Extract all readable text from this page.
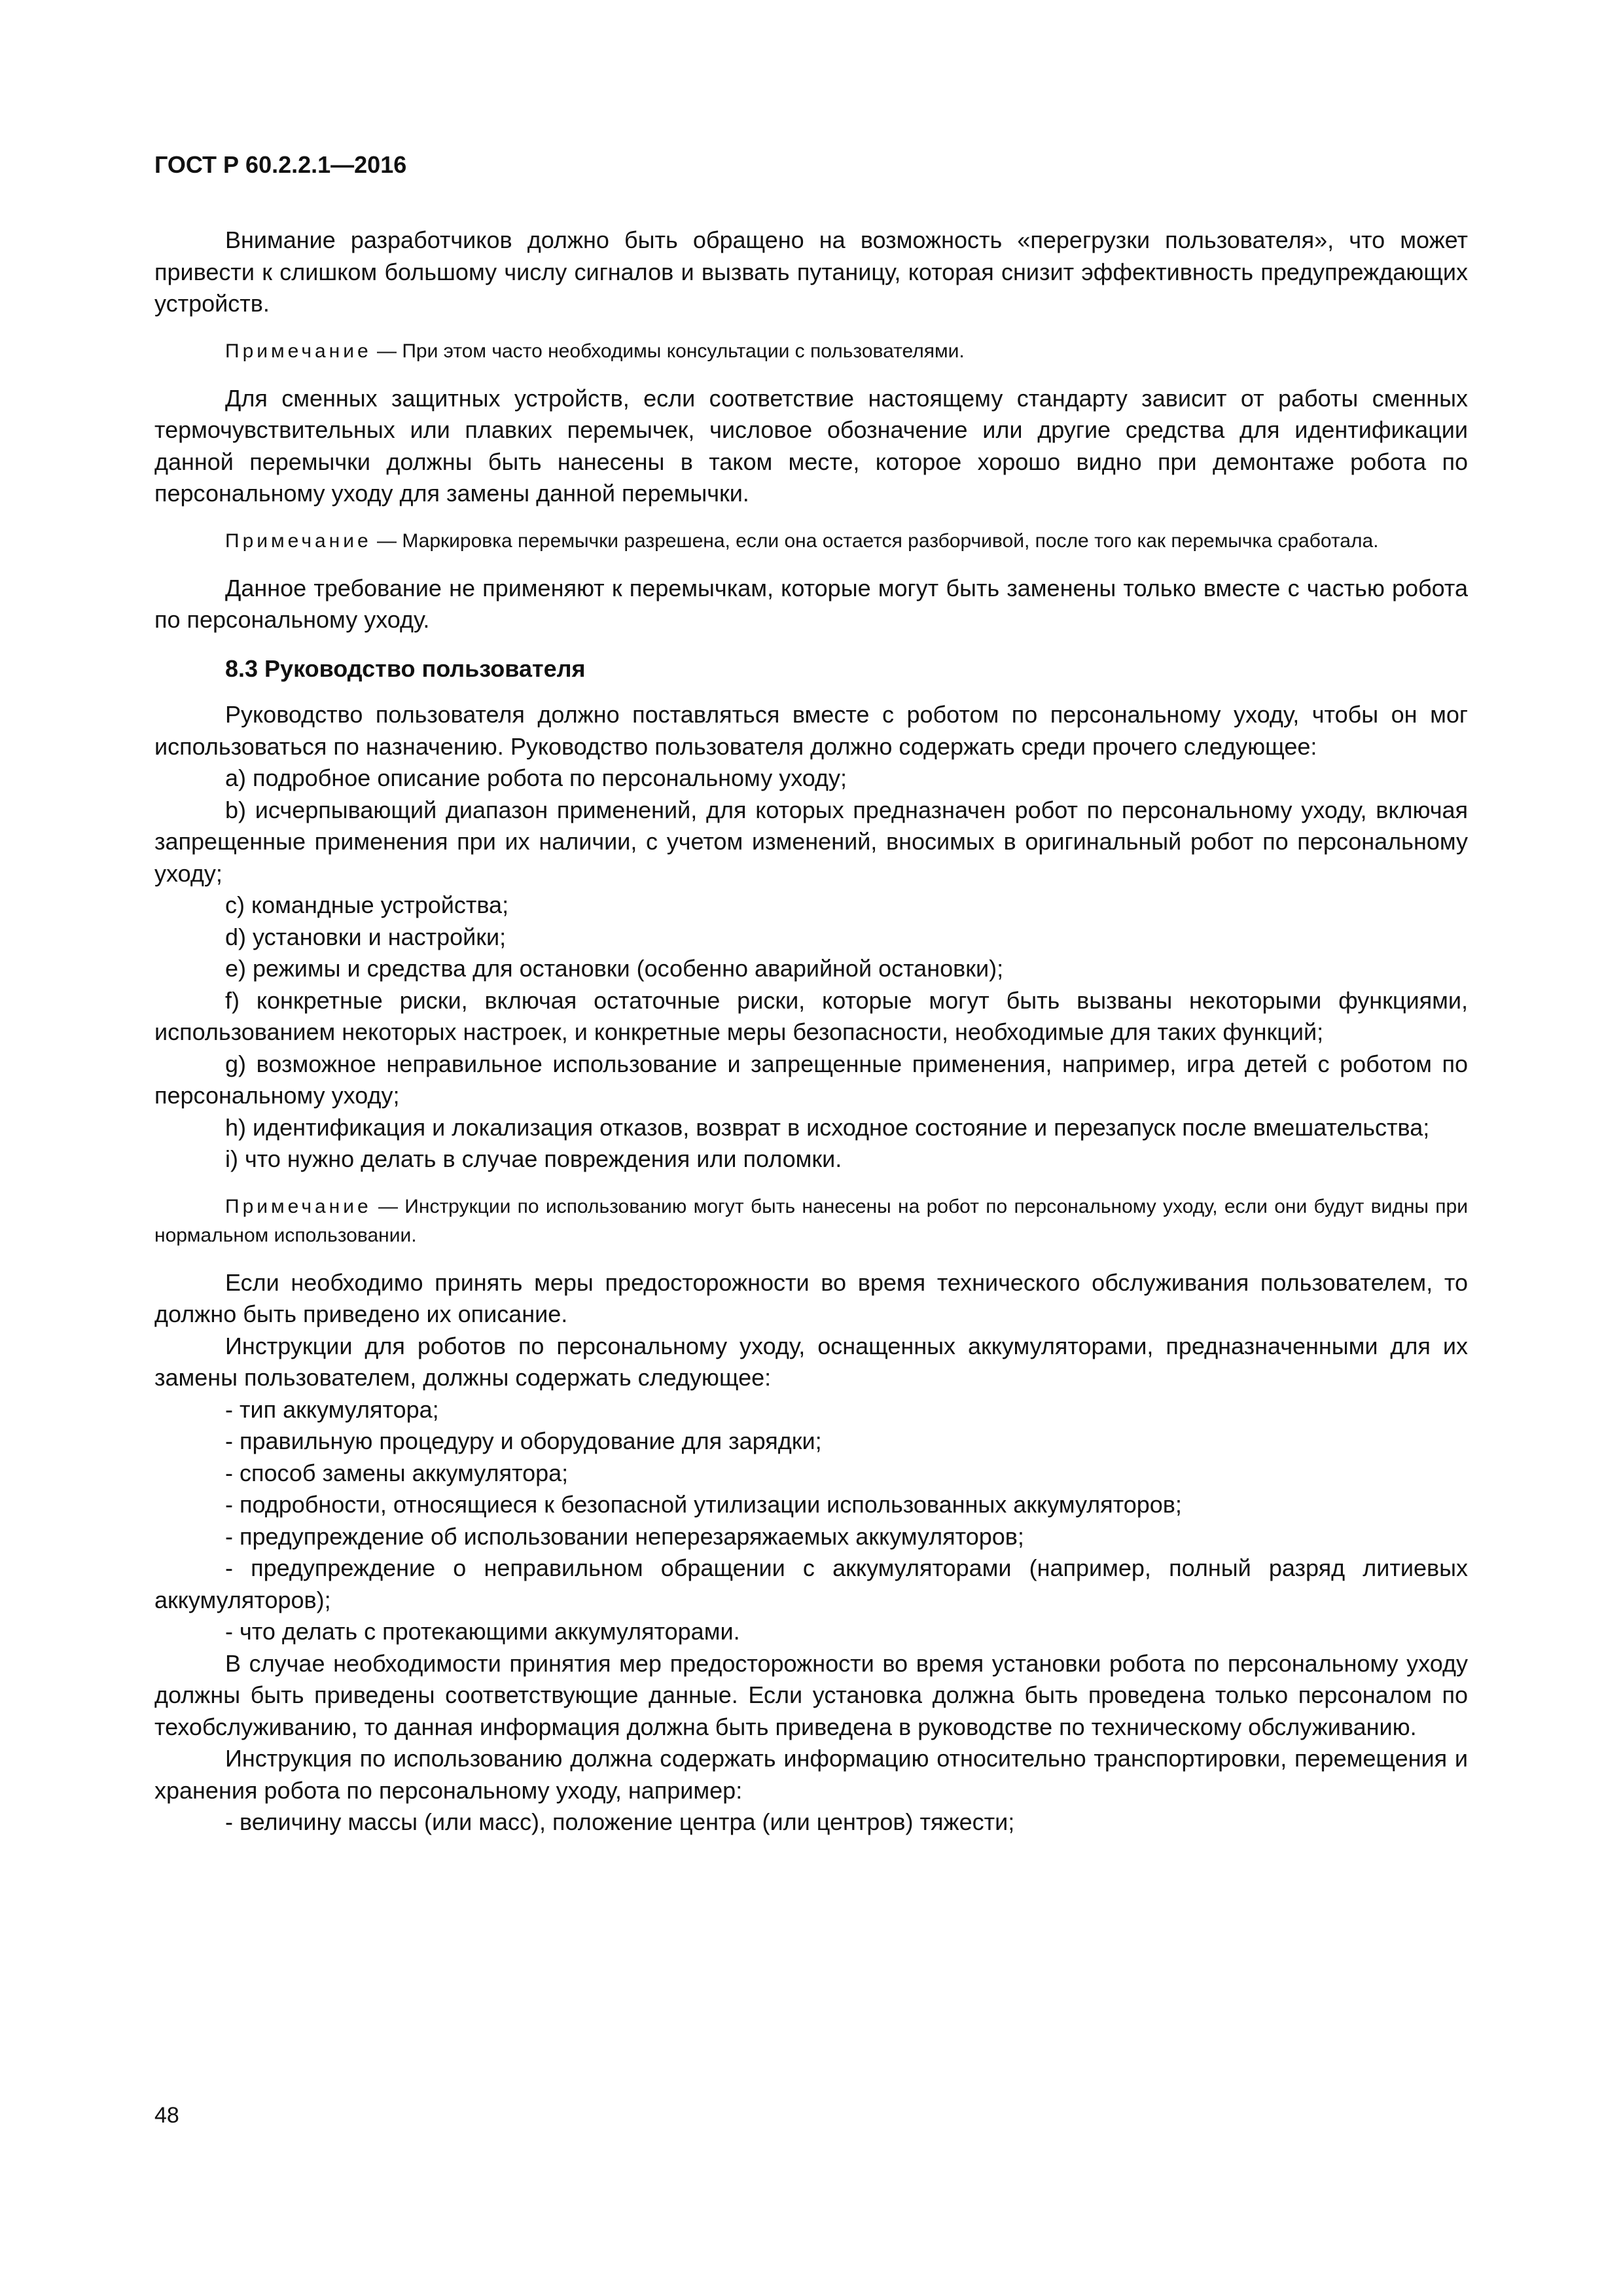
ГОСТ Р 60.2.2.1—2016

Внимание разработчиков должно быть обращено на возможность «перегрузки пользователя», что может привести к слишком большому числу сигналов и вызвать путаницу, которая снизит эффективность предупреждающих устройств.

Примечание — При этом часто необходимы консультации с пользователями.

Для сменных защитных устройств, если соответствие настоящему стандарту зависит от работы сменных термочувствительных или плавких перемычек, числовое обозначение или другие средства для идентификации данной перемычки должны быть нанесены в таком месте, которое хорошо видно при демонтаже робота по персональному уходу для замены данной перемычки.

Примечание — Маркировка перемычки разрешена, если она остается разборчивой, после того как перемычка сработала.

Данное требование не применяют к перемычкам, которые могут быть заменены только вместе с частью робота по персональному уходу.

8.3 Руководство пользователя

Руководство пользователя должно поставляться вместе с роботом по персональному уходу, чтобы он мог использоваться по назначению. Руководство пользователя должно содержать среди прочего следующее:

a) подробное описание робота по персональному уходу;

b) исчерпывающий диапазон применений, для которых предназначен робот по персональному уходу, включая запрещенные применения при их наличии, с учетом изменений, вносимых в оригинальный робот по персональному уходу;

c) командные устройства;

d) установки и настройки;

e) режимы и средства для остановки (особенно аварийной остановки);

f) конкретные риски, включая остаточные риски, которые могут быть вызваны некоторыми функциями, использованием некоторых настроек, и конкретные меры безопасности, необходимые для таких функций;

g) возможное неправильное использование и запрещенные применения, например, игра детей с роботом по персональному уходу;

h) идентификация и локализация отказов, возврат в исходное состояние и перезапуск после вмешательства;

i) что нужно делать в случае повреждения или поломки.

Примечание — Инструкции по использованию могут быть нанесены на робот по персональному уходу, если они будут видны при нормальном использовании.

Если необходимо принять меры предосторожности во время технического обслуживания пользователем, то должно быть приведено их описание.

Инструкции для роботов по персональному уходу, оснащенных аккумуляторами, предназначенными для их замены пользователем, должны содержать следующее:

- тип аккумулятора;

- правильную процедуру и оборудование для зарядки;

- способ замены аккумулятора;

- подробности, относящиеся к безопасной утилизации использованных аккумуляторов;

- предупреждение об использовании неперезаряжаемых аккумуляторов;

- предупреждение о неправильном обращении с аккумуляторами (например, полный разряд литиевых аккумуляторов);

- что делать с протекающими аккумуляторами.

В случае необходимости принятия мер предосторожности во время установки робота по персональному уходу должны быть приведены соответствующие данные. Если установка должна быть проведена только персоналом по техобслуживанию, то данная информация должна быть приведена в руководстве по техническому обслуживанию.

Инструкция по использованию должна содержать информацию относительно транспортировки, перемещения и хранения робота по персональному уходу, например:

- величину массы (или масс), положение центра (или центров) тяжести;

48
